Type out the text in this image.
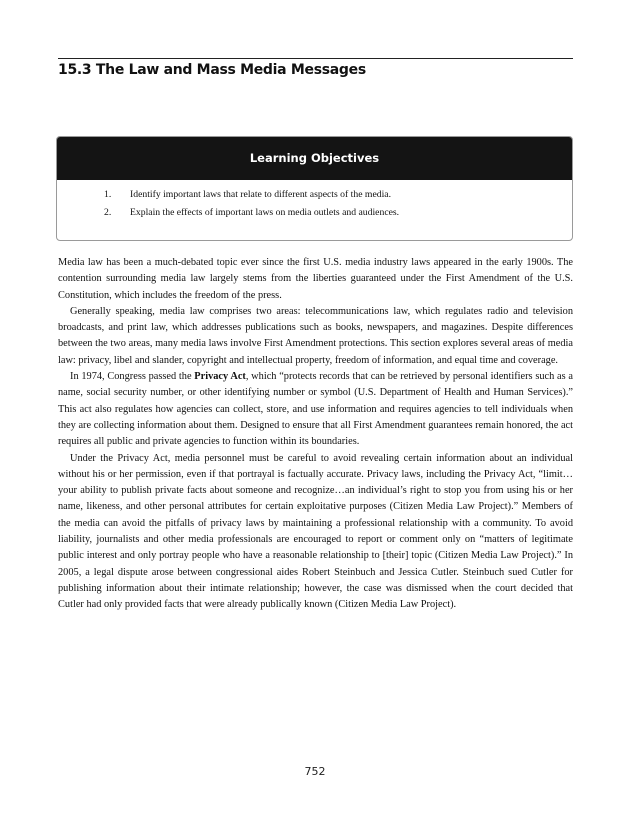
15.3 The Law and Mass Media Messages
Learning Objectives
1. Identify important laws that relate to different aspects of the media.
2. Explain the effects of important laws on media outlets and audiences.

Media law has been a much-debated topic ever since the first U.S. media industry laws appeared in the early 1900s. The contention surrounding media law largely stems from the liberties guaranteed under the First Amendment of the U.S. Constitution, which includes the freedom of the press.

Generally speaking, media law comprises two areas: telecommunications law, which regulates radio and television broadcasts, and print law, which addresses publications such as books, newspapers, and magazines. Despite differences between the two areas, many media laws involve First Amendment protections. This section explores several areas of media law: privacy, libel and slander, copyright and intellectual property, freedom of information, and equal time and coverage.

In 1974, Congress passed the Privacy Act, which “protects records that can be retrieved by personal identifiers such as a name, social security number, or other identifying number or symbol (U.S. Department of Health and Human Services).” This act also regulates how agencies can collect, store, and use information and requires agencies to tell individuals when they are collecting information about them. Designed to ensure that all First Amendment guarantees remain honored, the act requires all public and private agencies to function within its boundaries.

Under the Privacy Act, media personnel must be careful to avoid revealing certain information about an individual without his or her permission, even if that portrayal is factually accurate. Privacy laws, including the Privacy Act, “limit…your ability to publish private facts about someone and recognize…an individual’s right to stop you from using his or her name, likeness, and other personal attributes for certain exploitative purposes (Citizen Media Law Project).” Members of the media can avoid the pitfalls of privacy laws by maintaining a professional relationship with a community. To avoid liability, journalists and other media professionals are encouraged to report or comment only on “matters of legitimate public interest and only portray people who have a reasonable relationship to [their] topic (Citizen Media Law Project).” In 2005, a legal dispute arose between congressional aides Robert Steinbuch and Jessica Cutler. Steinbuch sued Cutler for publishing information about their intimate relationship; however, the case was dismissed when the court decided that Cutler had only provided facts that were already publically known (Citizen Media Law Project).

752
